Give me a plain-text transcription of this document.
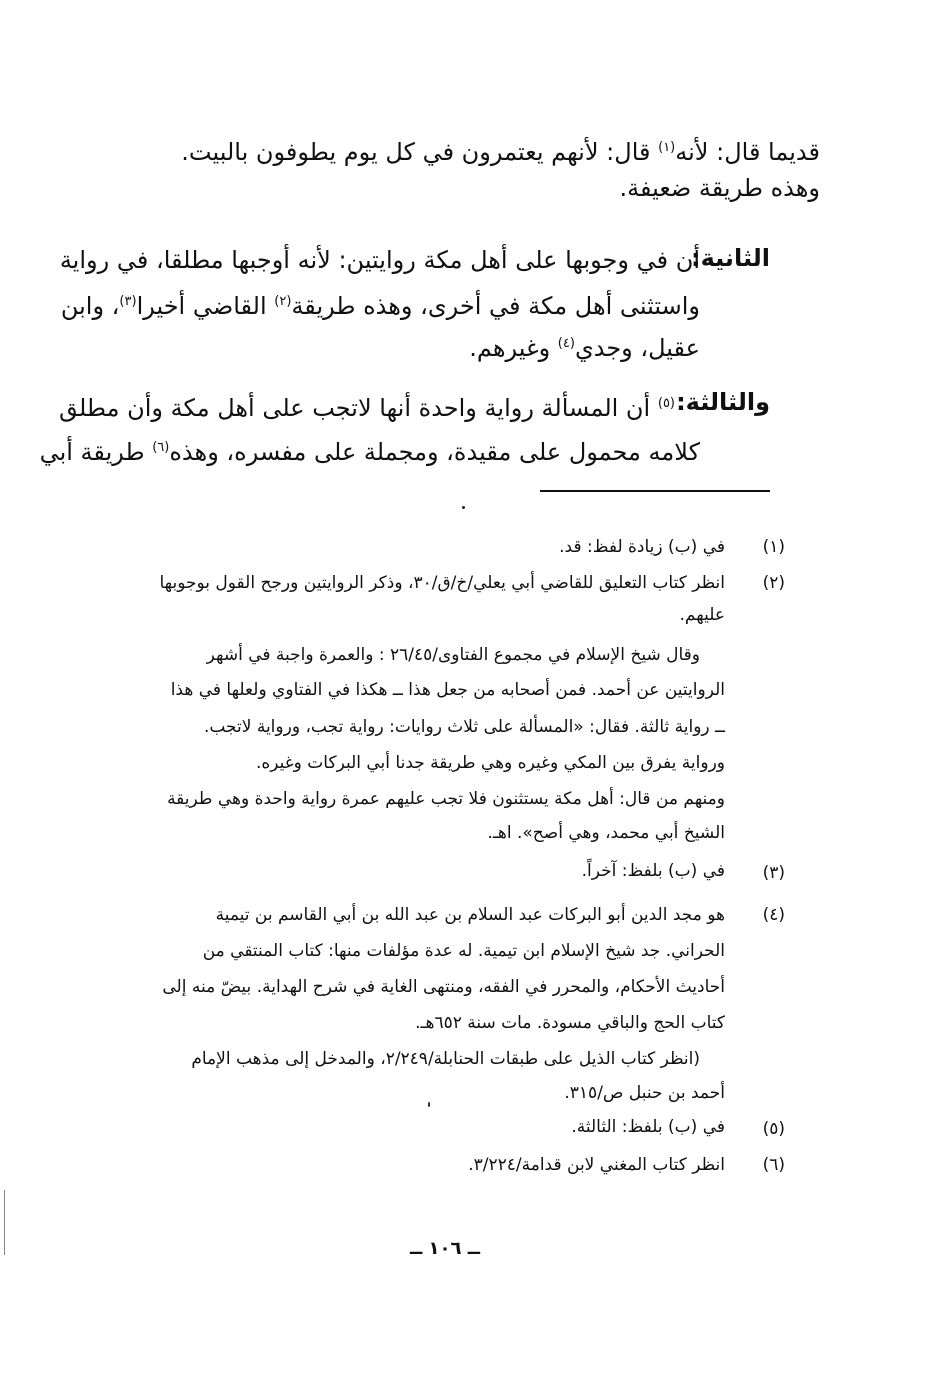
قديما قال: لأنه$^{(١)}$ قال: لأنهم يعتمرون في كل يوم يطوفون بالبيت.
وهذه طريقة ضعيفة.
الثانية:
أن في وجوبها على أهل مكة روايتين: لأنه أوجبها مطلقا، في رواية
واستثنى أهل مكة في أخرى، وهذه طريقة$^{(٢)}$ القاضي أخيرا$^{(٣)}$، وابن
عقيل، وجدي$^{(٤)}$ وغيرهم.
والثالثة:
$^{(٥)}$ أن المسألة رواية واحدة أنها لاتجب على أهل مكة وأن مطلق
كلامه محمول على مقيدة، ومجملة على مفسره، وهذه$^{(٦)}$ طريقة أبي
(١)
في (ب) زيادة لفظ: قد.
(٢)
انظر كتاب التعليق للقاضي أبي يعلي/خ/ق/٣٠، وذكر الروايتين ورجح القول بوجوبها
عليهم.
وقال شيخ الإسلام في مجموع الفتاوى/٢٦/٤٥ : والعمرة واجبة في أشهر
الروايتين عن أحمد. فمن أصحابه من جعل هذا ــ هكذا في الفتاوي ولعلها في هذا
ــ رواية ثالثة. فقال: «المسألة على ثلاث روايات: رواية تجب، ورواية لاتجب.
ورواية يفرق بين المكي وغيره وهي طريقة جدنا أبي البركات وغيره.
ومنهم من قال: أهل مكة يستثنون فلا تجب عليهم عمرة رواية واحدة وهي طريقة
الشيخ أبي محمد، وهي أصح». اهـ.
(٣)
في (ب) بلفظ: آخراً.
(٤)
هو مجد الدين أبو البركات عبد السلام بن عبد الله بن أبي القاسم بن تيمية
الحراني. جد شيخ الإسلام ابن تيمية. له عدة مؤلفات منها: كتاب المنتقي من
أحاديث الأحكام، والمحرر في الفقه، ومنتهى الغاية في شرح الهداية. بيضّ منه إلى
كتاب الحج والباقي مسودة. مات سنة ٦٥٢هـ.
(انظر كتاب الذيل على طبقات الحنابلة/٢/٢٤٩، والمدخل إلى مذهب الإمام
أحمد بن حنبل ص/٣١٥.
(٥)
في (ب) بلفظ: الثالثة.
(٦)
انظر كتاب المغني لابن قدامة/٣/٢٢٤.
ــ ١٠٦ ــ
